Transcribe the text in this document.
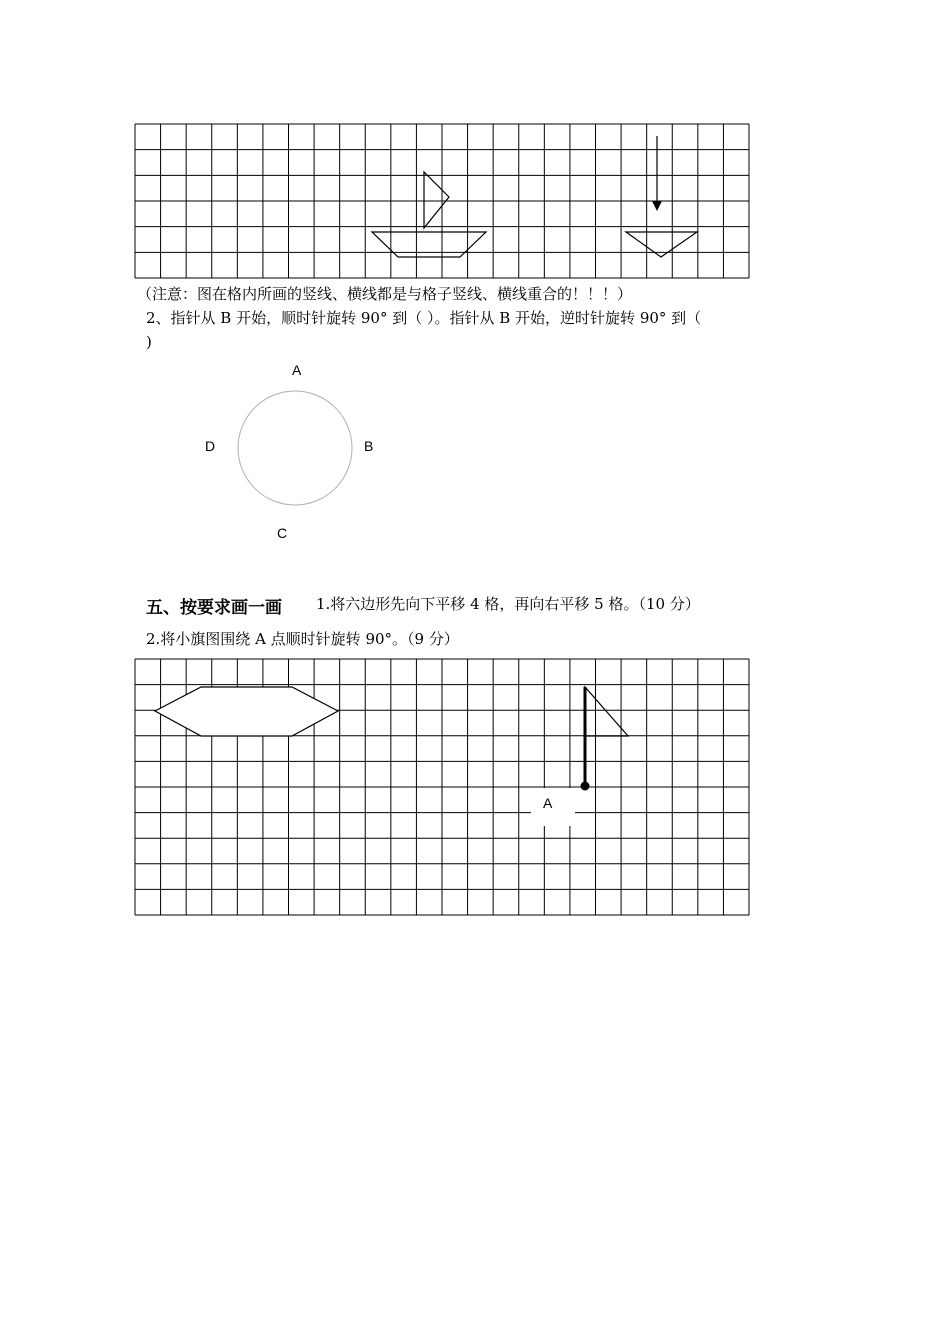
（注意：图在格内所画的竖线、横线都是与格子竖线、横线重合的！！！）
2、指针从 B 开始，顺时针旋转 90° 到（ ）。指针从 B 开始，逆时针旋转 90° 到（
)
A
B
C
D
五、按要求画一画 1.将六边形先向下平移 4 格，再向右平移 5 格。（10 分）
2.将小旗图围绕 A 点顺时针旋转 90°。（9 分）
A
